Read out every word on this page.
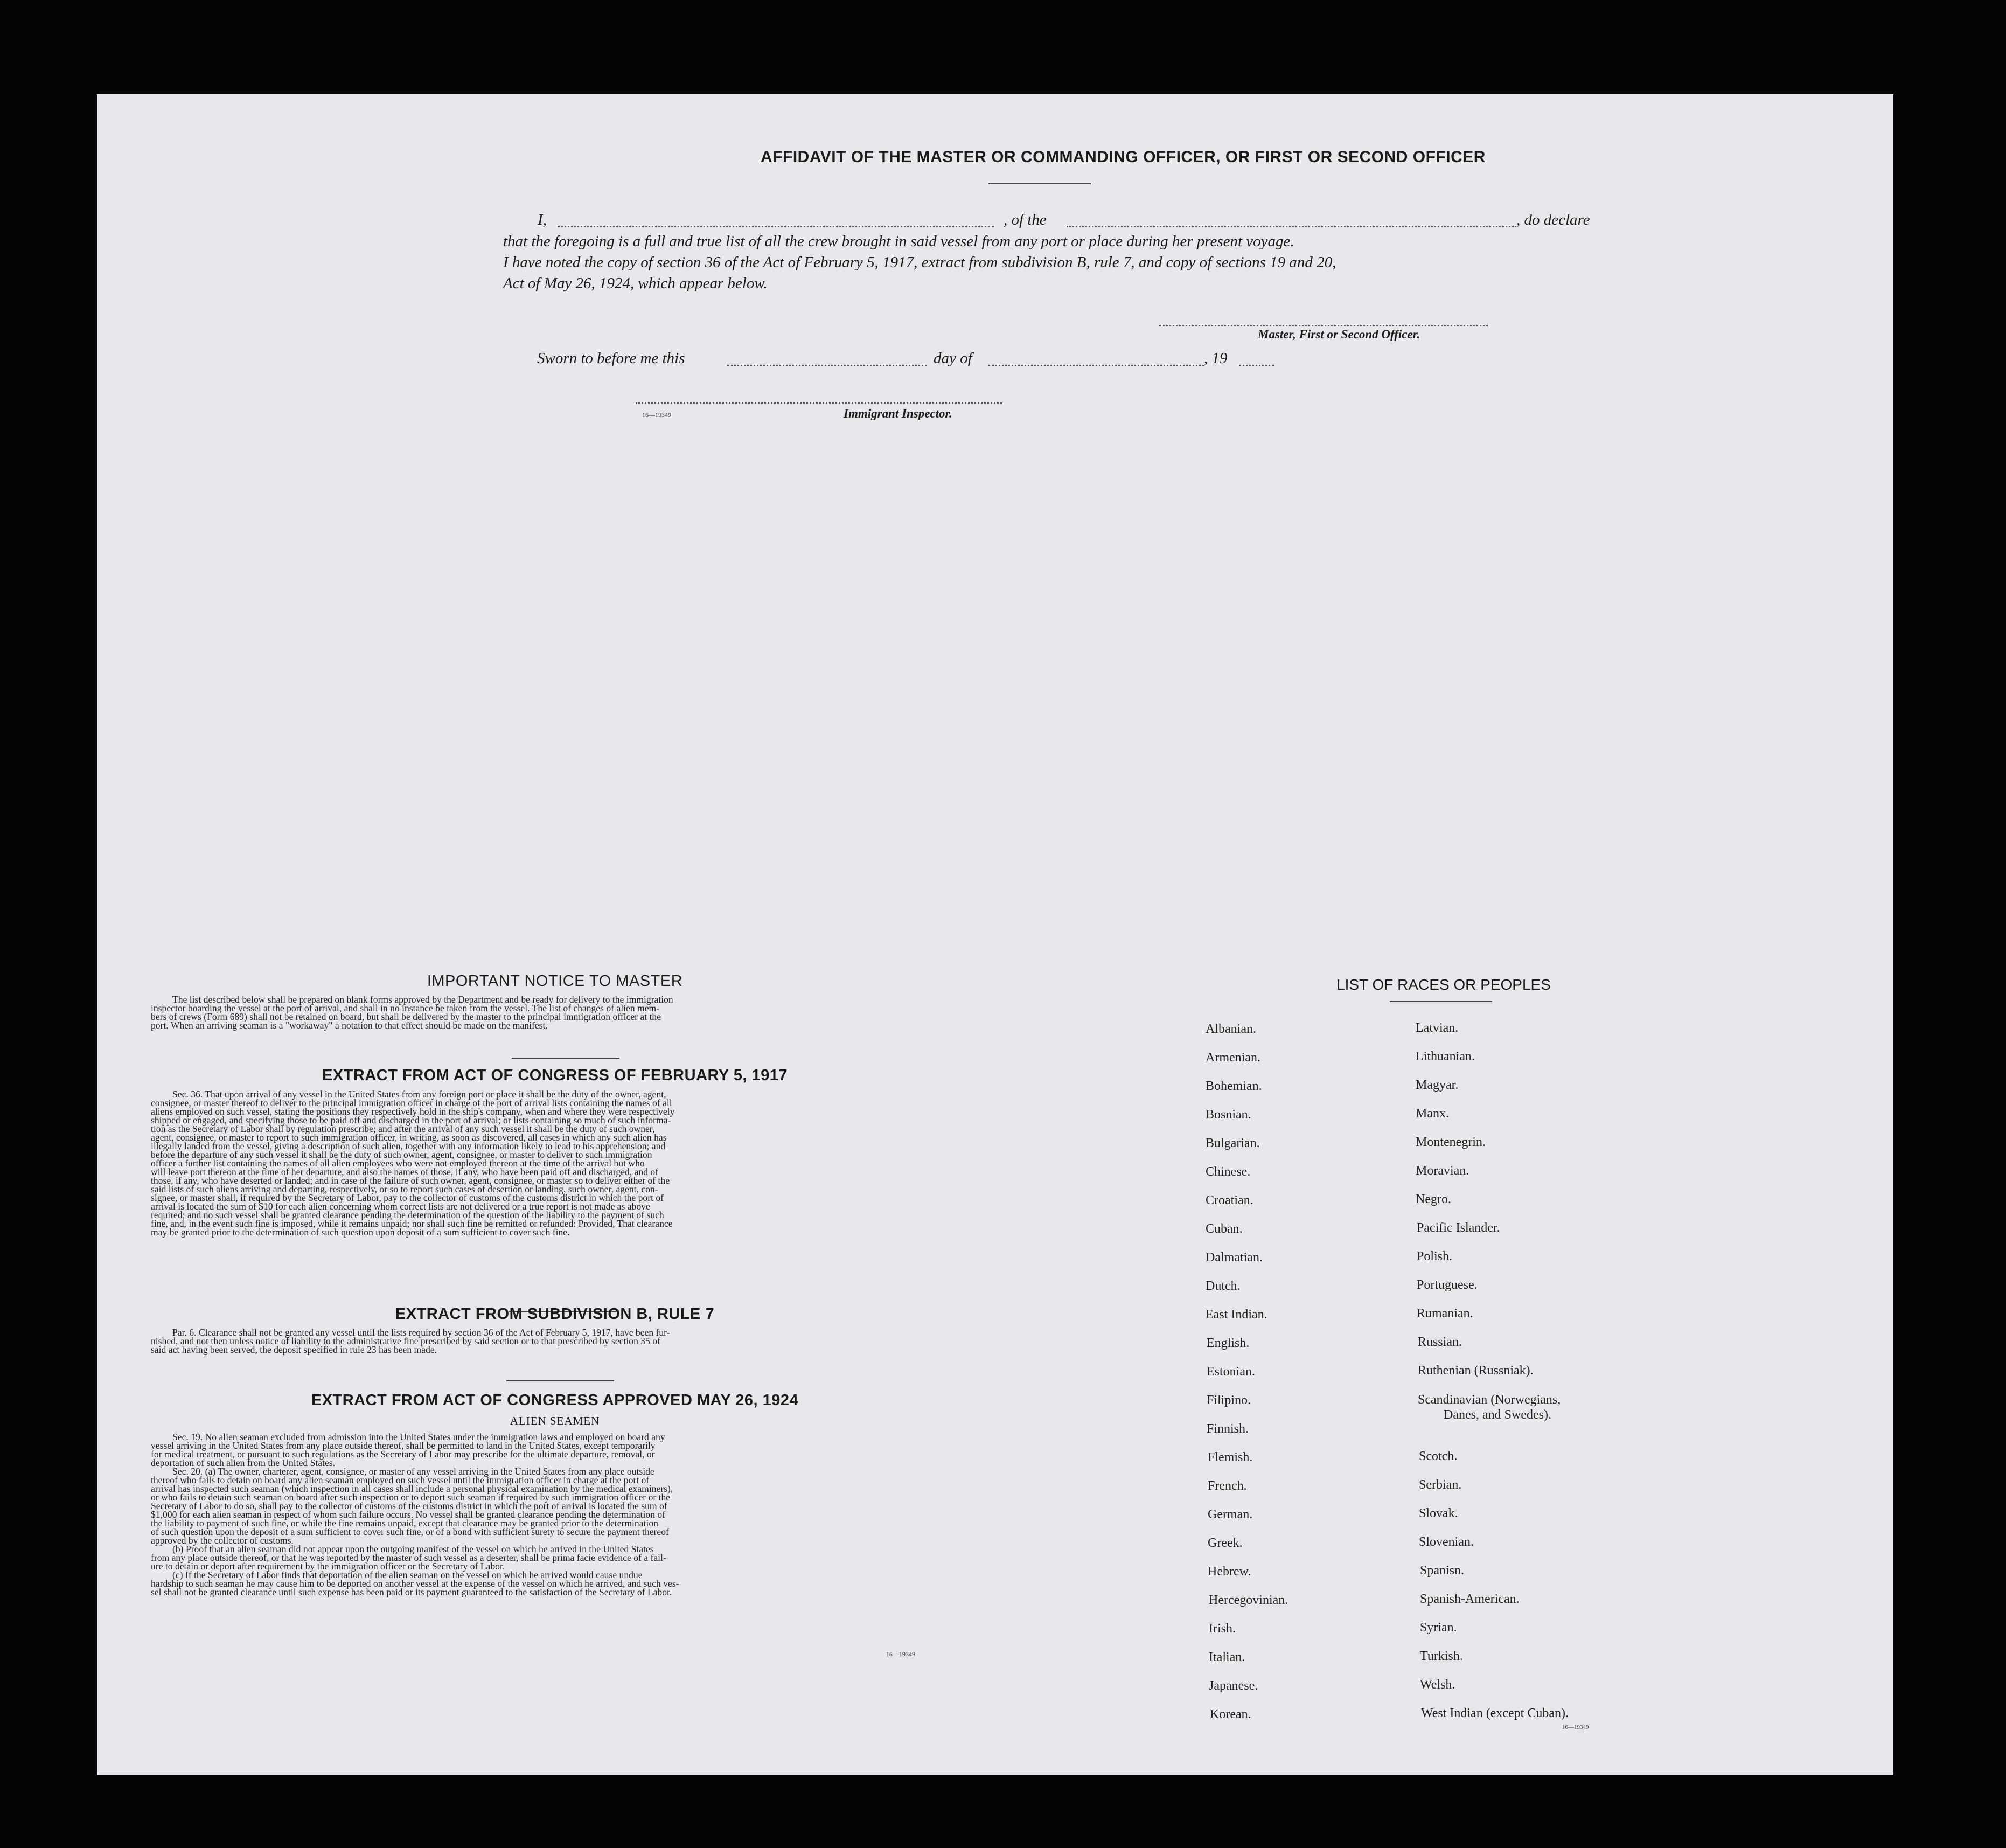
AFFIDAVIT OF THE MASTER OR COMMANDING OFFICER, OR FIRST OR SECOND OFFICER
I,	, of the	, do declare
that the foregoing is a full and true list of all the crew brought in said vessel from any port or place during her present voyage.
I have noted the copy of section 36 of the Act of February 5, 1917, extract from subdivision B, rule 7, and copy of sections 19 and 20,
Act of May 26, 1924, which appear below.
Master, First or Second Officer.
Sworn to before me this	day of	, 19
16—19349	Immigrant Inspector.
IMPORTANT NOTICE TO MASTER
The list described below shall be prepared on blank forms approved by the Department and be ready for delivery to the immigration
inspector boarding the vessel at the port of arrival, and shall in no instance be taken from the vessel. The list of changes of alien mem-
bers of crews (Form 689) shall not be retained on board, but shall be delivered by the master to the principal immigration officer at the
port. When an arriving seaman is a "workaway" a notation to that effect should be made on the manifest.
EXTRACT FROM ACT OF CONGRESS OF FEBRUARY 5, 1917
Sec. 36. That upon arrival of any vessel in the United States from any foreign port or place it shall be the duty of the owner, agent,
consignee, or master thereof to deliver to the principal immigration officer in charge of the port of arrival lists containing the names of all
aliens employed on such vessel, stating the positions they respectively hold in the ship's company, when and where they were respectively
shipped or engaged, and specifying those to be paid off and discharged in the port of arrival; or lists containing so much of such informa-
tion as the Secretary of Labor shall by regulation prescribe; and after the arrival of any such vessel it shall be the duty of such owner,
agent, consignee, or master to report to such immigration officer, in writing, as soon as discovered, all cases in which any such alien has
illegally landed from the vessel, giving a description of such alien, together with any information likely to lead to his apprehension; and
before the departure of any such vessel it shall be the duty of such owner, agent, consignee, or master to deliver to such immigration
officer a further list containing the names of all alien employees who were not employed thereon at the time of the arrival but who
will leave port thereon at the time of her departure, and also the names of those, if any, who have been paid off and discharged, and of
those, if any, who have deserted or landed; and in case of the failure of such owner, agent, consignee, or master so to deliver either of the
said lists of such aliens arriving and departing, respectively, or so to report such cases of desertion or landing, such owner, agent, con-
signee, or master shall, if required by the Secretary of Labor, pay to the collector of customs of the customs district in which the port of
arrival is located the sum of $10 for each alien concerning whom correct lists are not delivered or a true report is not made as above
required; and no such vessel shall be granted clearance pending the determination of the question of the liability to the payment of such
fine, and, in the event such fine is imposed, while it remains unpaid; nor shall such fine be remitted or refunded: Provided, That clearance
may be granted prior to the determination of such question upon deposit of a sum sufficient to cover such fine.
EXTRACT FROM SUBDIVISION B, RULE 7
Par. 6. Clearance shall not be granted any vessel until the lists required by section 36 of the Act of February 5, 1917, have been fur-
nished, and not then unless notice of liability to the administrative fine prescribed by said section or to that prescribed by section 35 of
said act having been served, the deposit specified in rule 23 has been made.
EXTRACT FROM ACT OF CONGRESS APPROVED MAY 26, 1924
ALIEN SEAMEN
Sec. 19. No alien seaman excluded from admission into the United States under the immigration laws and employed on board any
vessel arriving in the United States from any place outside thereof, shall be permitted to land in the United States, except temporarily
for medical treatment, or pursuant to such regulations as the Secretary of Labor may prescribe for the ultimate departure, removal, or
deportation of such alien from the United States.
Sec. 20. (a) The owner, charterer, agent, consignee, or master of any vessel arriving in the United States from any place outside
thereof who fails to detain on board any alien seaman employed on such vessel until the immigration officer in charge at the port of
arrival has inspected such seaman (which inspection in all cases shall include a personal physical examination by the medical examiners),
or who fails to detain such seaman on board after such inspection or to deport such seaman if required by such immigration officer or the
Secretary of Labor to do so, shall pay to the collector of customs of the customs district in which the port of arrival is located the sum of
$1,000 for each alien seaman in respect of whom such failure occurs. No vessel shall be granted clearance pending the determination of
the liability to payment of such fine, or while the fine remains unpaid, except that clearance may be granted prior to the determination
of such question upon the deposit of a sum sufficient to cover such fine, or of a bond with sufficient surety to secure the payment thereof
approved by the collector of customs.
(b) Proof that an alien seaman did not appear upon the outgoing manifest of the vessel on which he arrived in the United States
from any place outside thereof, or that he was reported by the master of such vessel as a deserter, shall be prima facie evidence of a fail-
ure to detain or deport after requirement by the immigration officer or the Secretary of Labor.
(c) If the Secretary of Labor finds that deportation of the alien seaman on the vessel on which he arrived would cause undue
hardship to such seaman he may cause him to be deported on another vessel at the expense of the vessel on which he arrived, and such ves-
sel shall not be granted clearance until such expense has been paid or its payment guaranteed to the satisfaction of the Secretary of Labor.
16—19349
LIST OF RACES OR PEOPLES
Albanian.
Armenian.
Bohemian.
Bosnian.
Bulgarian.
Chinese.
Croatian.
Cuban.
Dalmatian.
Dutch.
East Indian.
English.
Estonian.
Filipino.
Finnish.
Flemish.
French.
German.
Greek.
Hebrew.
Hercegovinian.
Irish.
Italian.
Japanese.
Korean.
Latvian.
Lithuanian.
Magyar.
Manx.
Montenegrin.
Moravian.
Negro.
Pacific Islander.
Polish.
Portuguese.
Rumanian.
Russian.
Ruthenian (Russniak).
Scandinavian (Norwegians,
Danes, and Swedes).
Scotch.
Serbian.
Slovak.
Slovenian.
Spanisn.
Spanish-American.
Syrian.
Turkish.
Welsh.
West Indian (except Cuban).
16—19349
